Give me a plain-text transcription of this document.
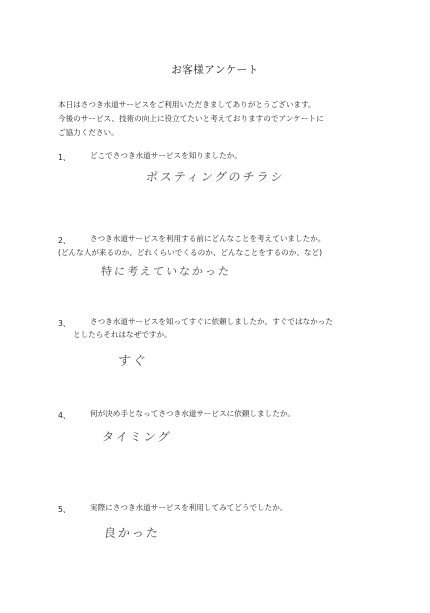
お客様アンケート
本日はさつき水道サービスをご利用いただきましてありがとうございます。
今後のサービス、技術の向上に役立てたいと考えておりますのでアンケートに
ご協力ください。
1、	どこでさつき水道サービスを知りましたか。
ポスティングのチラシ
2、	さつき水道サービスを利用する前にどんなことを考えていましたか。
(どんな人が来るのか、どれくらいでくるのか、どんなことをするのか、など)
特に考えていなかった
3、	さつき水道サービスを知ってすぐに依頼しましたか。すぐではなかった
としたらそれはなぜですか。
すぐ
4、	何が決め手となってさつき水道サービスに依頼しましたか。
タイミング
5、	実際にさつき水道サービスを利用してみてどうでしたか。
良かった
